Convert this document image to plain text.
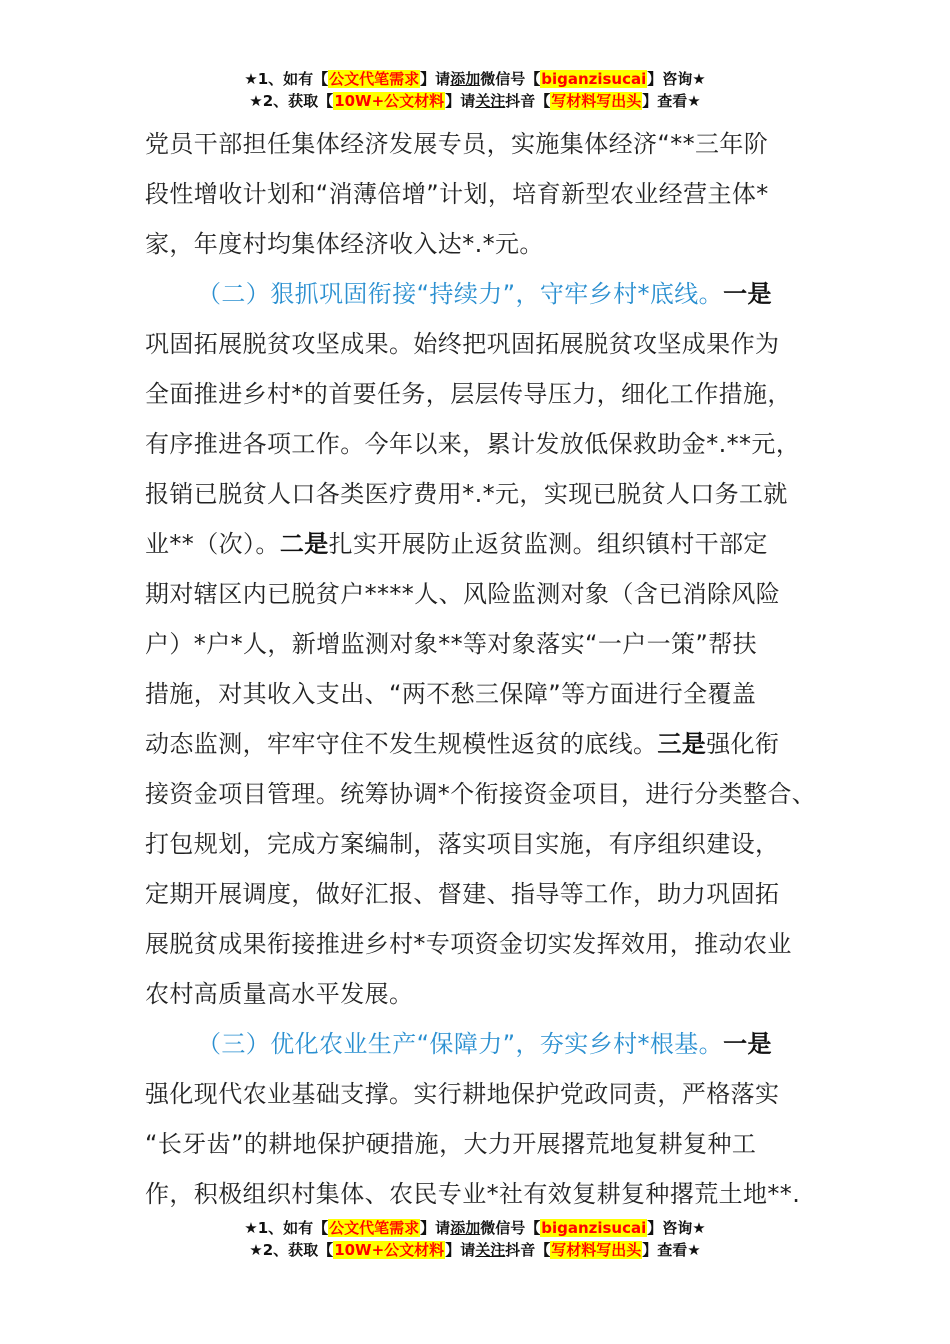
★1、如有【公文代笔需求】请添加微信号【biganzisucai】咨询★
★2、获取【10W+公文材料】请关注抖音【写材料写出头】查看★
党员干部担任集体经济发展专员，实施集体经济“**三年阶
段性增收计划和“消薄倍增”计划，培育新型农业经营主体*
家，年度村均集体经济收入达*.*元。
（二）狠抓巩固衔接“持续力”，守牢乡村*底线。一是
巩固拓展脱贫攻坚成果。始终把巩固拓展脱贫攻坚成果作为
全面推进乡村*的首要任务，层层传导压力，细化工作措施，
有序推进各项工作。今年以来，累计发放低保救助金*.**元，
报销已脱贫人口各类医疗费用*.*元，实现已脱贫人口务工就
业**（次）。二是扎实开展防止返贫监测。组织镇村干部定
期对辖区内已脱贫户****人、风险监测对象（含已消除风险
户）*户*人，新增监测对象**等对象落实“一户一策”帮扶
措施，对其收入支出、“两不愁三保障”等方面进行全覆盖
动态监测，牢牢守住不发生规模性返贫的底线。三是强化衔
接资金项目管理。统筹协调*个衔接资金项目，进行分类整合、
打包规划，完成方案编制，落实项目实施，有序组织建设，
定期开展调度，做好汇报、督建、指导等工作，助力巩固拓
展脱贫成果衔接推进乡村*专项资金切实发挥效用，推动农业
农村高质量高水平发展。
（三）优化农业生产“保障力”，夯实乡村*根基。一是
强化现代农业基础支撑。实行耕地保护党政同责，严格落实
“长牙齿”的耕地保护硬措施，大力开展撂荒地复耕复种工
作，积极组织村集体、农民专业*社有效复耕复种撂荒土地**.
★1、如有【公文代笔需求】请添加微信号【biganzisucai】咨询★
★2、获取【10W+公文材料】请关注抖音【写材料写出头】查看★
